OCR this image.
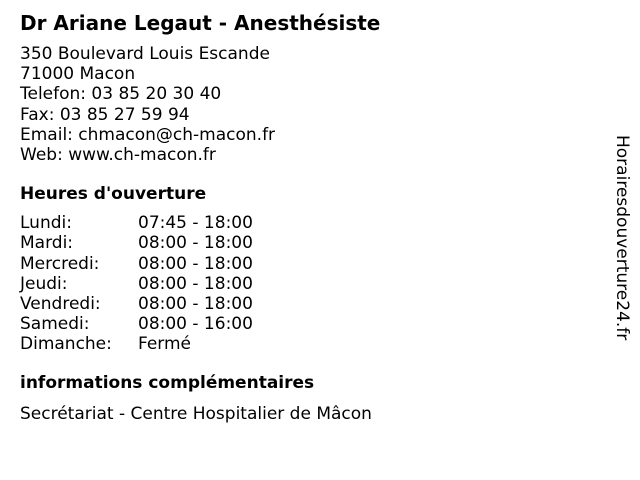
Dr Ariane Legaut - Anesthésiste
350 Boulevard Louis Escande
71000 Macon
Telefon: 03 85 20 30 40
Fax: 03 85 27 59 94
Email: chmacon@ch-macon.fr
Web: www.ch-macon.fr
Heures d'ouverture
Lundi:	07:45 - 18:00
Mardi:	08:00 - 18:00
Mercredi:	08:00 - 18:00
Jeudi:	08:00 - 18:00
Vendredi:	08:00 - 18:00
Samedi:	08:00 - 16:00
Dimanche:	Fermé
informations complémentaires
Secrétariat - Centre Hospitalier de Mâcon
Horairesdouverture24.fr
